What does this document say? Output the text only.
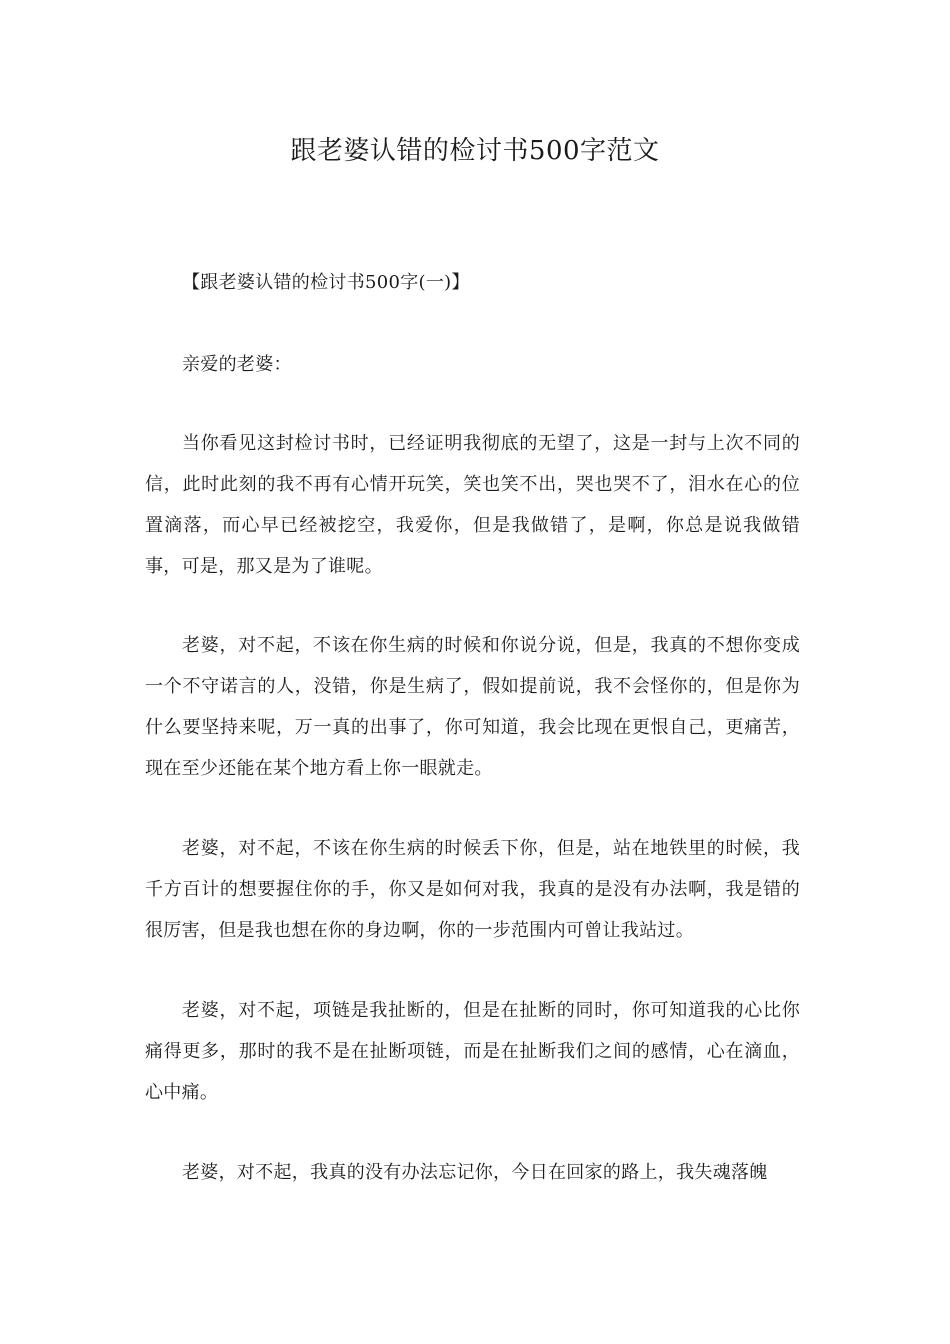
跟老婆认错的检讨书500字范文

【跟老婆认错的检讨书500字(一)】

亲爱的老婆：

当你看见这封检讨书时，已经证明我彻底的无望了，这是一封与上次不同的信，此时此刻的我不再有心情开玩笑，笑也笑不出，哭也哭不了，泪水在心的位置滴落，而心早已经被挖空，我爱你，但是我做错了，是啊，你总是说我做错事，可是，那又是为了谁呢。

老婆，对不起，不该在你生病的时候和你说分说，但是，我真的不想你变成一个不守诺言的人，没错，你是生病了，假如提前说，我不会怪你的，但是你为什么要坚持来呢，万一真的出事了，你可知道，我会比现在更恨自己，更痛苦，现在至少还能在某个地方看上你一眼就走。

老婆，对不起，不该在你生病的时候丢下你，但是，站在地铁里的时候，我千方百计的想要握住你的手，你又是如何对我，我真的是没有办法啊，我是错的很厉害，但是我也想在你的身边啊，你的一步范围内可曾让我站过。

老婆，对不起，项链是我扯断的，但是在扯断的同时，你可知道我的心比你痛得更多，那时的我不是在扯断项链，而是在扯断我们之间的感情，心在滴血，心中痛。

老婆，对不起，我真的没有办法忘记你，今日在回家的路上，我失魂落魄
